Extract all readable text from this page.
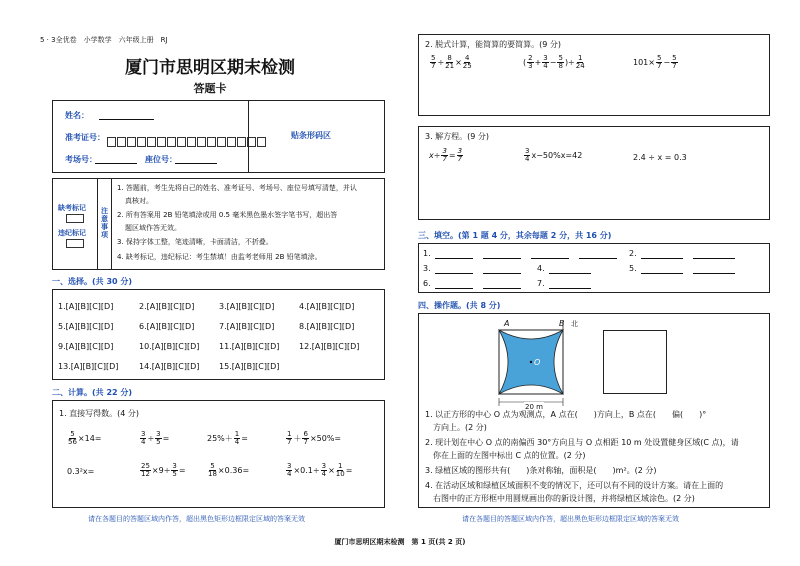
5 · 3全优卷　小学数学　六年级上册　RJ
厦门市思明区期末检测
答题卡
姓名：
准考证号：
考场号：	座位号：
贴条形码区
缺考标记
违纪标记
注意事项
1. 答题前，考生先将自己的姓名、准考证号、考场号、座位号填写清楚，并认
真核对。
2. 所有答案用 2B 铅笔填涂或用 0.5 毫米黑色墨水签字笔书写，超出答
题区域作答无效。
3. 保持字体工整，笔迹清晰，卡面清洁，不折叠。
4. 缺考标记，违纪标记：考生禁填！由监考老师用 2B 铅笔填涂。
一、选择。(共 30 分)
1.[A][B][C][D]	2.[A][B][C][D]	3.[A][B][C][D]	4.[A][B][C][D]
5.[A][B][C][D]	6.[A][B][C][D]	7.[A][B][C][D]	8.[A][B][C][D]
9.[A][B][C][D]	10.[A][B][C][D] 11.[A][B][C][D] 12.[A][B][C][D]
13.[A][B][C][D]	14.[A][B][C][D] 15.[A][B][C][D]
二、计算。(共 22 分)
1. 直接写得数。(4 分)
$\frac{5}{56} \times 14=$	$\frac{3}{4} \div \frac{3}{5}$ =	$25\%+ \frac{1}{4}$ =	$\frac{1}{7} + \frac{6}{7} \times 50\%=$
0.3²x=	$\frac{25}{12} \times 9\div \frac{3}{5}$ =	$\frac{5}{18} \times 0.36=$	$\frac{3}{4} \times 0.1\div \frac{3}{4} \times \frac{1}{10}$ =
请在各题目的答题区域内作答，超出黑色矩形边框限定区域的答案无效
2. 脱式计算，能简算的要简算。(9 分)
$\frac{5}{7} \div \frac{8}{21} \times \frac{4}{25}$	( $\frac{2}{3} + \frac{3}{4} - \frac{5}{8}$ )÷ $\frac{1}{24}$	$101\times \frac{5}{7} - \frac{5}{7}$
3. 解方程。(9 分)
$x\div \frac{3}{7} = \frac{3}{7}$	$\frac{3}{4} x-50\%x=42$	2.4 ÷ x = 0.3
三、填空。(第 1 题 4 分，其余每题 2 分，共 16 分)
1.	2.
3.	4.	5.
6.	7.
四、操作题。(共 8 分)
A	B 北
O
20 m
1. 以正方形的中心 O 点为观测点，A 点在(　　)方向上，B 点在(　　偏(　　)°
方向上。(2 分)
2. 现计划在中心 O 点的南偏西 30°方向且与 O 点相距 10 m 处设置健身区域(C 点)，请
你在上面的左图中标出 C 点的位置。(2 分)
3. 绿植区域的图形共有(　　)条对称轴，面积是(　　)m²。(2 分)
4. 在活动区域和绿植区域面积不变的情况下，还可以有不同的设计方案。请在上面的
右图中的正方形框中用圆规画出你的新设计图，并将绿植区域涂色。(2 分)
请在各题目的答题区域内作答，超出黑色矩形边框限定区域的答案无效
厦门市思明区期末检测　第 1 页(共 2 页)
